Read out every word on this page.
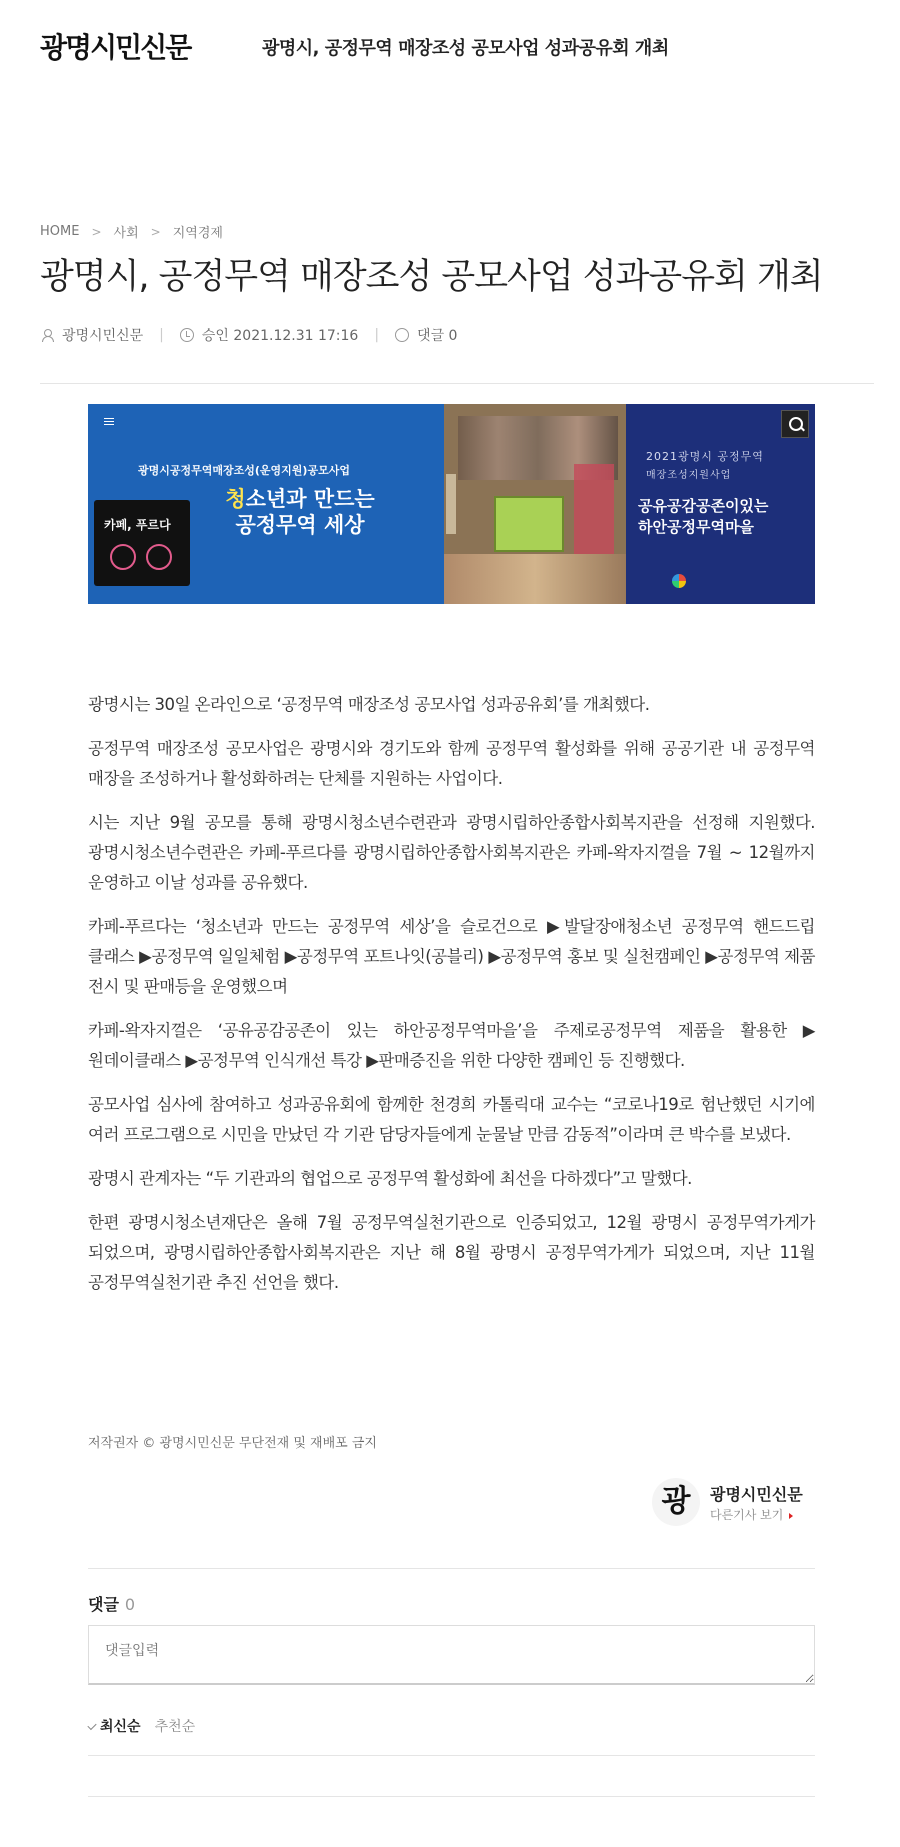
광명시민신문	광명시, 공정무역 매장조성 공모사업 성과공유회 개최
HOME > 사회 > 지역경제
광명시, 공정무역 매장조성 공모사업 성과공유회 개최
광명시민신문 |	승인 2021.12.31 17:16 |	댓글 0
광명시공정무역매장조성(운영지원)공모사업
청소년과 만드는
공정무역 세상
카페, 푸르다
2021광명시 공정무역
매장조성지원사업
공유공감공존이있는
하안공정무역마을

광명시는 30일 온라인으로 ‘공정무역 매장조성 공모사업 성과공유회’를 개최했다.

공정무역 매장조성 공모사업은 광명시와 경기도와 함께 공정무역 활성화를 위해 공공기관 내 공정무역 매장을 조성하거나 활성화하려는 단체를 지원하는 사업이다.

시는 지난 9월 공모를 통해 광명시청소년수련관과 광명시립하안종합사회복지관을 선정해 지원했다. 광명시청소년수련관은 카페-푸르다를 광명시립하안종합사회복지관은 카페-왁자지껄을 7월 ~ 12월까지 운영하고 이날 성과를 공유했다.

카페-푸르다는 ‘청소년과 만드는 공정무역 세상’을 슬로건으로 ▶발달장애청소년 공정무역 핸드드립 클래스 ▶공정무역 일일체험 ▶공정무역 포트나잇(공블리) ▶공정무역 홍보 및 실천캠페인 ▶공정무역 제품 전시 및 판매등을 운영했으며

카페-왁자지껄은 ‘공유공감공존이 있는 하안공정무역마을’을 주제로공정무역 제품을 활용한 ▶원데이클래스 ▶공정무역 인식개선 특강 ▶판매증진을 위한 다양한 캠페인 등 진행했다.

공모사업 심사에 참여하고 성과공유회에 함께한 천경희 카톨릭대 교수는 “코로나19로 험난했던 시기에 여러 프로그램으로 시민을 만났던 각 기관 담당자들에게 눈물날 만큼 감동적”이라며 큰 박수를 보냈다.

광명시 관계자는 “두 기관과의 협업으로 공정무역 활성화에 최선을 다하겠다”고 말했다.

한편 광명시청소년재단은 올해 7월 공정무역실천기관으로 인증되었고, 12월 광명시 공정무역가게가 되었으며, 광명시립하안종합사회복지관은 지난 해 8월 광명시 공정무역가게가 되었으며, 지난 11월 공정무역실천기관 추진 선언을 했다.

저작권자 © 광명시민신문 무단전재 및 재배포 금지
광	광명시민신문
다른기사 보기
댓글 0
댓글입력
최신순 추천순
